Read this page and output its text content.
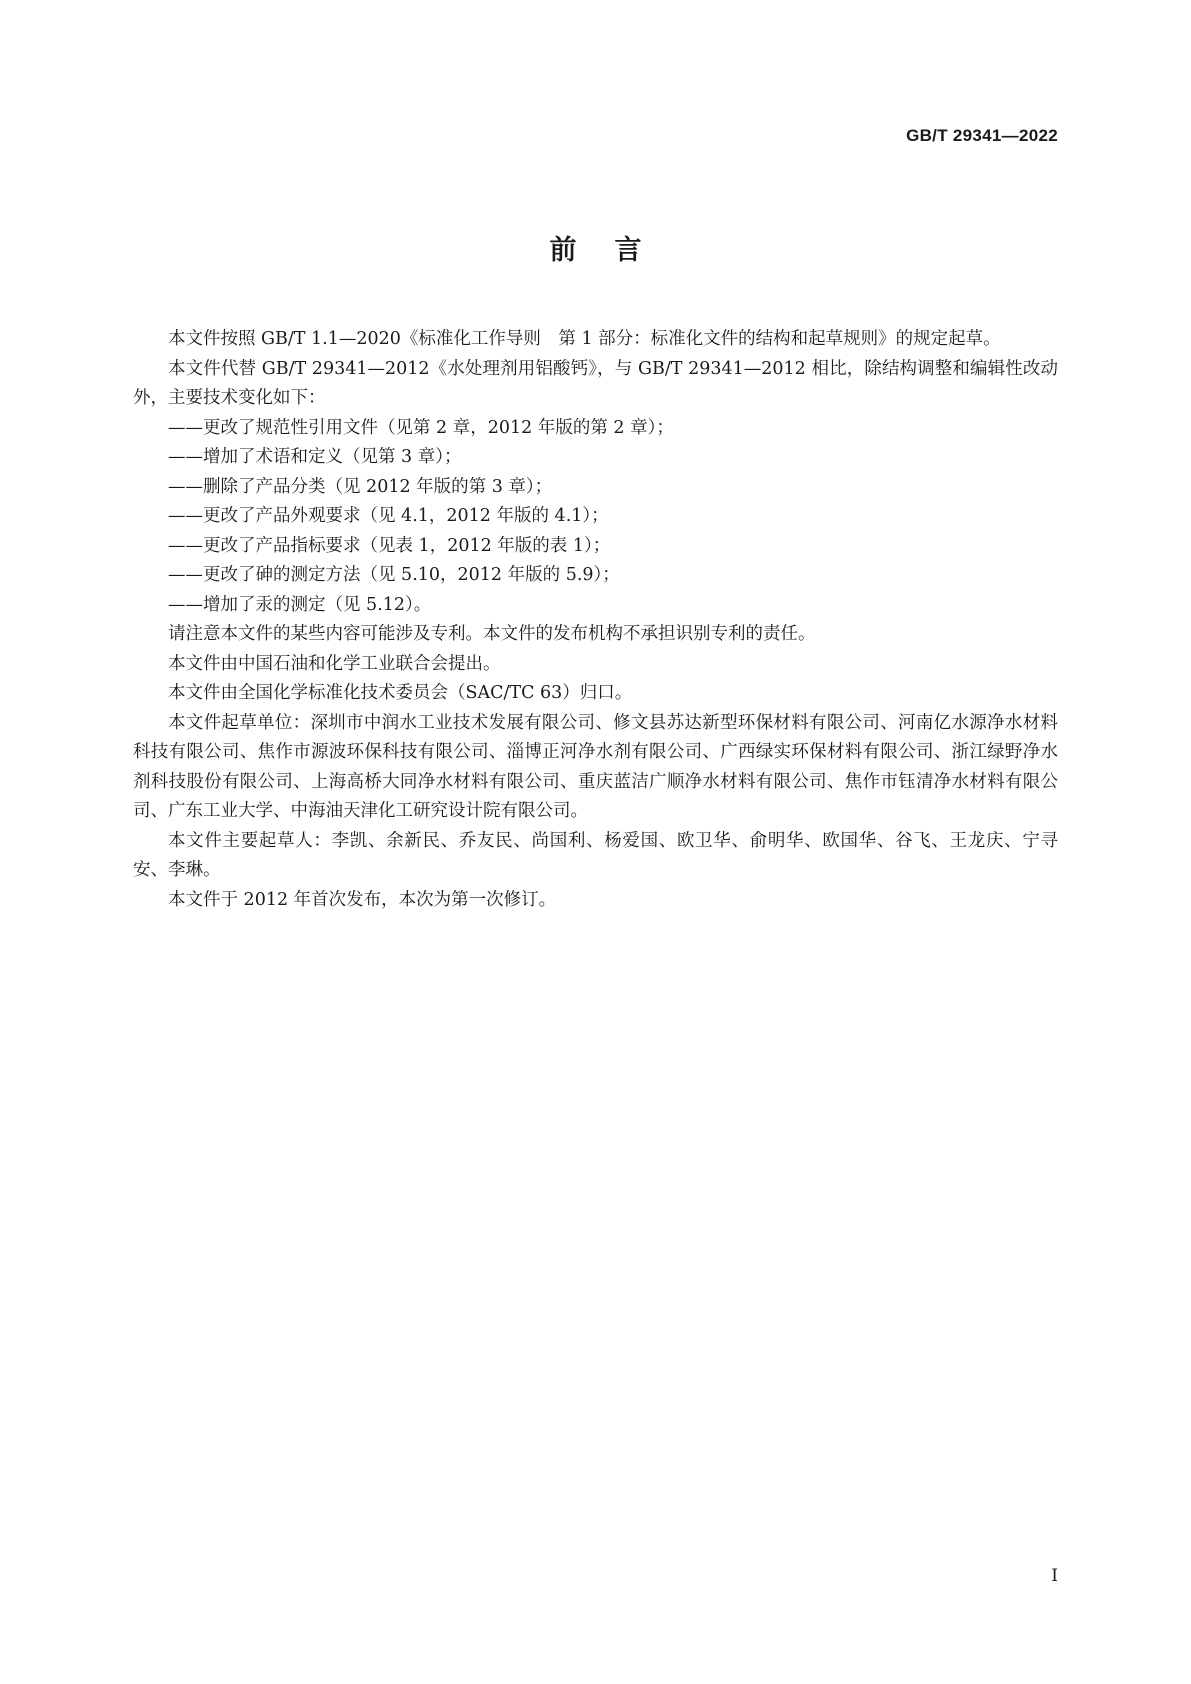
GB/T 29341—2022
前言

本文件按照 GB/T 1.1—2020《标准化工作导则　第 1 部分：标准化文件的结构和起草规则》的规定起草。

本文件代替 GB/T 29341—2012《水处理剂用铝酸钙》，与 GB/T 29341—2012 相比，除结构调整和编辑性改动外，主要技术变化如下：

——更改了规范性引用文件（见第 2 章，2012 年版的第 2 章）；

——增加了术语和定义（见第 3 章）；

——删除了产品分类（见 2012 年版的第 3 章）；

——更改了产品外观要求（见 4.1，2012 年版的 4.1）；

——更改了产品指标要求（见表 1，2012 年版的表 1）；

——更改了砷的测定方法（见 5.10，2012 年版的 5.9）；

——增加了汞的测定（见 5.12）。

请注意本文件的某些内容可能涉及专利。本文件的发布机构不承担识别专利的责任。

本文件由中国石油和化学工业联合会提出。

本文件由全国化学标准化技术委员会（SAC/TC 63）归口。

本文件起草单位：深圳市中润水工业技术发展有限公司、修文县苏达新型环保材料有限公司、河南亿水源净水材料科技有限公司、焦作市源波环保科技有限公司、淄博正河净水剂有限公司、广西绿实环保材料有限公司、浙江绿野净水剂科技股份有限公司、上海高桥大同净水材料有限公司、重庆蓝洁广顺净水材料有限公司、焦作市钰清净水材料有限公司、广东工业大学、中海油天津化工研究设计院有限公司。

本文件主要起草人：李凯、余新民、乔友民、尚国利、杨爱国、欧卫华、俞明华、欧国华、谷飞、王龙庆、宁寻安、李琳。

本文件于 2012 年首次发布，本次为第一次修订。

I
